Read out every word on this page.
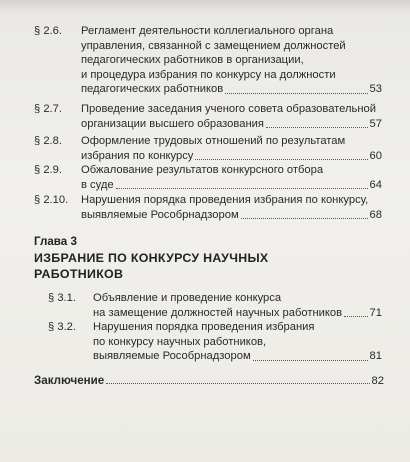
§ 2.6. Регламент деятельности коллегиального органа
управления, связанной с замещением должностей
педагогических работников в организации,
и процедура избрания по конкурсу на должности
педагогических работников	53
§ 2.7. Проведение заседания ученого совета образовательной
организации высшего образования	57
§ 2.8. Оформление трудовых отношений по результатам
избрания по конкурсу	60
§ 2.9. Обжалование результатов конкурсного отбора
в суде	64
§ 2.10. Нарушения порядка проведения избрания по конкурсу,
выявляемые Рособрнадзором	68
Глава 3
ИЗБРАНИЕ ПО КОНКУРСУ НАУЧНЫХ
РАБОТНИКОВ
§ 3.1. Объявление и проведение конкурса
на замещение должностей научных работников 71
§ 3.2. Нарушения порядка проведения избрания
по конкурсу научных работников,
выявляемые Рособрнадзором	81
Заключение	82
